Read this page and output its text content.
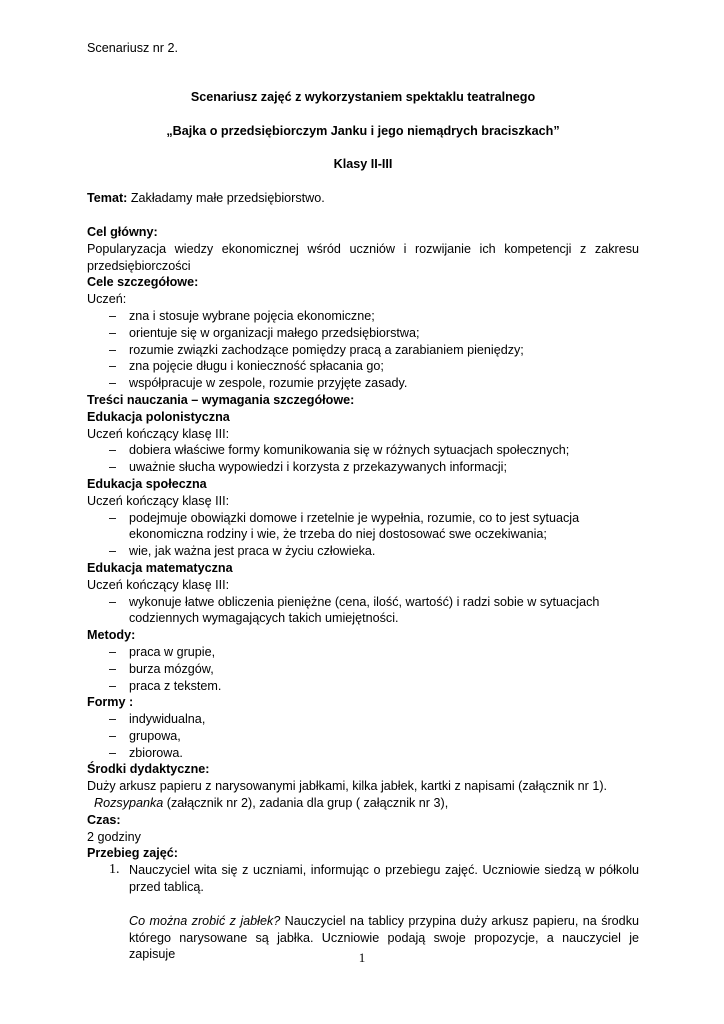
Scenariusz nr 2.

Scenariusz zajęć z wykorzystaniem spektaklu teatralnego

„Bajka o przedsiębiorczym Janku i jego niemądrych braciszkach”

Klasy II-III

Temat: Zakładamy małe przedsiębiorstwo.

Cel główny:

Popularyzacja wiedzy ekonomicznej wśród uczniów i rozwijanie ich kompetencji z zakresu przedsiębiorczości

Cele szczegółowe:

Uczeń:

– zna i stosuje wybrane pojęcia ekonomiczne;
– orientuje się w organizacji małego przedsiębiorstwa;
– rozumie związki zachodzące pomiędzy pracą a zarabianiem pieniędzy;
– zna pojęcie długu i konieczność spłacania go;
– współpracuje w zespole, rozumie przyjęte zasady.

Treści nauczania – wymagania szczegółowe:

Edukacja polonistyczna

Uczeń kończący klasę III:

– dobiera właściwe formy komunikowania się w różnych sytuacjach społecznych;
– uważnie słucha wypowiedzi i korzysta z przekazywanych informacji;

Edukacja społeczna

Uczeń kończący klasę III:

– podejmuje obowiązki domowe i rzetelnie je wypełnia, rozumie, co to jest sytuacja
ekonomiczna rodziny i wie, że trzeba do niej dostosować swe oczekiwania;
– wie, jak ważna jest praca w życiu człowieka.

Edukacja matematyczna

Uczeń kończący klasę III:

– wykonuje łatwe obliczenia pieniężne (cena, ilość, wartość) i radzi sobie w sytuacjach
codziennych wymagających takich umiejętności.

Metody:

– praca w grupie,
– burza mózgów,
– praca z tekstem.

Formy :

– indywidualna,
– grupowa,
– zbiorowa.

Środki dydaktyczne:

Duży arkusz papieru z narysowanymi jabłkami, kilka jabłek, kartki z napisami (załącznik nr 1).

Rozsypanka (załącznik nr 2), zadania dla grup ( załącznik nr 3),

Czas:

2 godziny

Przebieg zajęć:

1. Nauczyciel wita się z uczniami, informując o przebiegu zajęć. Uczniowie siedzą w półkolu przed tablicą.

Co można zrobić z jabłek? Nauczyciel na tablicy przypina duży arkusz papieru, na środku którego narysowane są jabłka. Uczniowie podają swoje propozycje, a nauczyciel je zapisuje	1
